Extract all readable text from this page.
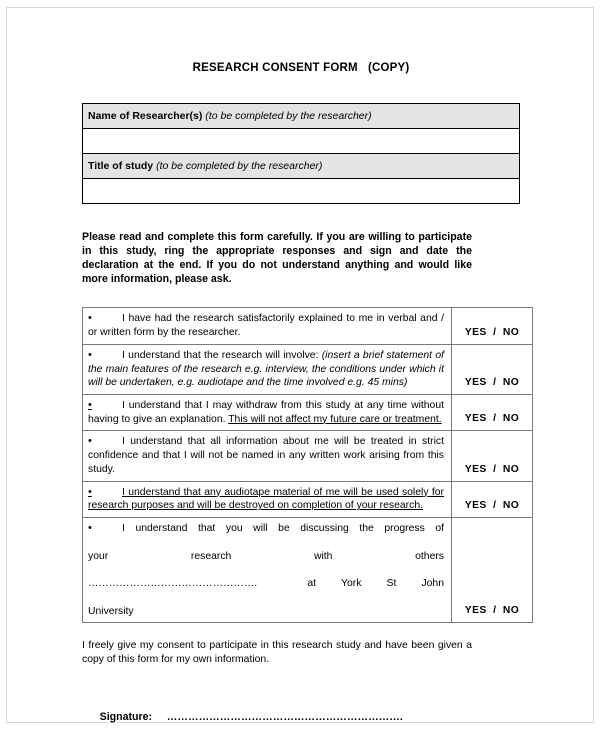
RESEARCH CONSENT FORM   (COPY)
Name of Researcher(s) (to be completed by the researcher)

Title of study (to be completed by the researcher)

Please read and complete this form carefully. If you are willing to participate in this study, ring the appropriate responses and sign and date the declaration at the end. If you do not understand anything and would like more information, please ask.
• I have had the research satisfactorily explained to me in verbal and / or written form by the researcher.	YES  /  NO

• I understand that the research will involve: (insert a brief statement of the main features of the research e.g. interview, the conditions under which it will be undertaken, e.g. audiotape and the time involved e.g. 45 mins)	YES  /  NO

• I understand that I may withdraw from this study at any time without having to give an explanation. This will not affect my future care or treatment.	YES  /  NO

• I understand that all information about me will be treated in strict confidence and that I will not be named in any written work arising from this study.	YES  /  NO

• I understand that any audiotape material of me will be used solely for research purposes and will be destroyed on completion of your research.	YES  /  NO

• I understand that you will be discussing the progress of

your research with others

…………………………………………. at York St John

University	YES  /  NO
I freely give my consent to participate in this research study and have been given a copy of this form for my own information.

Signature: ………………………………………………………….
